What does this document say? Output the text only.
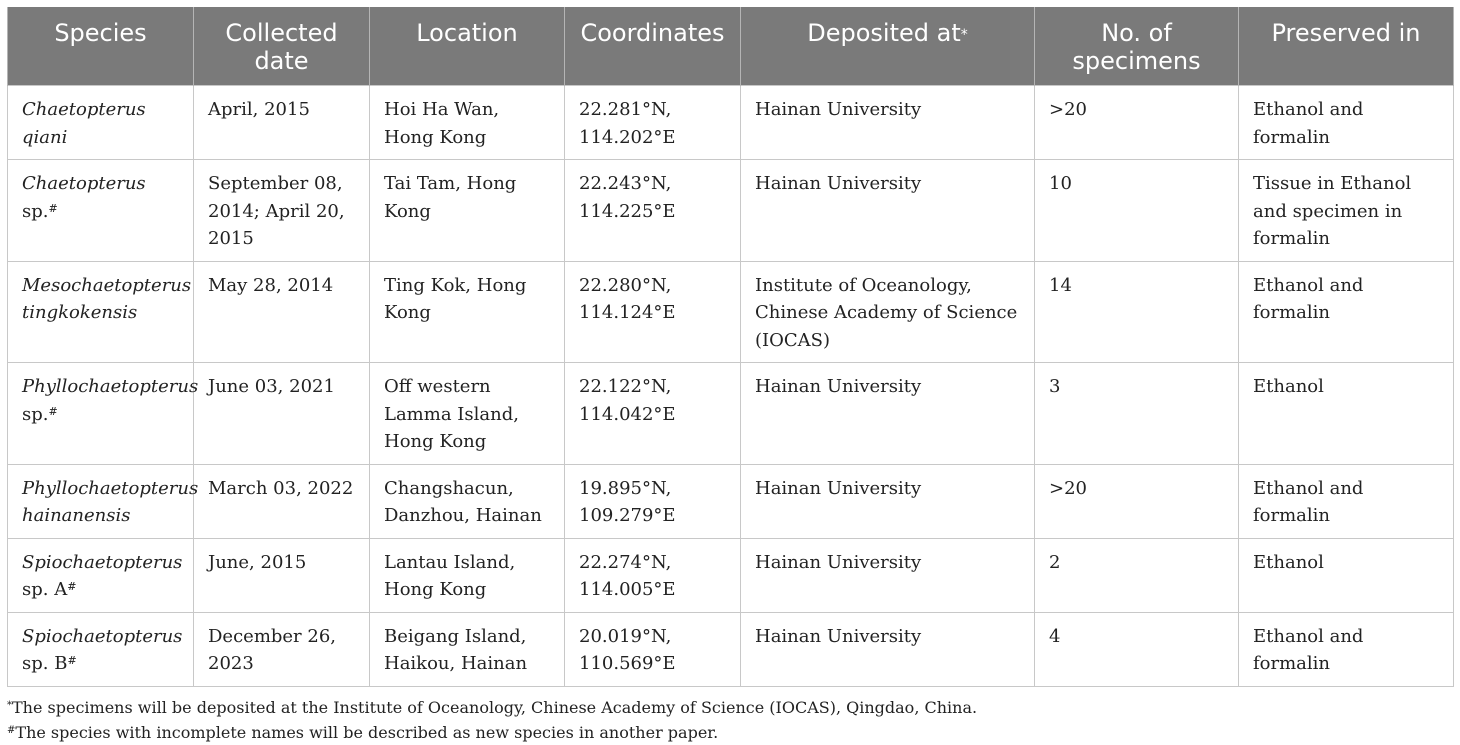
Species	Collected date	Location	Coordinates	Deposited at*	No. of specimens	Preserved in
Chaetopterus qiani	April, 2015	Hoi Ha Wan, Hong Kong	22.281°N, 114.202°E	Hainan University	>20	Ethanol and formalin
Chaetopterus sp.#	September 08, 2014; April 20, 2015	Tai Tam, Hong Kong	22.243°N, 114.225°E	Hainan University	10	Tissue in Ethanol and specimen in formalin
Mesochaetopterus tingkokensis	May 28, 2014	Ting Kok, Hong Kong	22.280°N, 114.124°E	Institute of Oceanology, Chinese Academy of Science (IOCAS)	14	Ethanol and formalin
Phyllochaetopterus sp.#	June 03, 2021	Off western Lamma Island, Hong Kong	22.122°N, 114.042°E	Hainan University	3	Ethanol
Phyllochaetopterus hainanensis	March 03, 2022	Changshacun, Danzhou, Hainan	19.895°N, 109.279°E	Hainan University	>20	Ethanol and formalin
Spiochaetopterus sp. A#	June, 2015	Lantau Island, Hong Kong	22.274°N, 114.005°E	Hainan University	2	Ethanol
Spiochaetopterus sp. B#	December 26, 2023	Beigang Island, Haikou, Hainan	20.019°N, 110.569°E	Hainan University	4	Ethanol and formalin
*The specimens will be deposited at the Institute of Oceanology, Chinese Academy of Science (IOCAS), Qingdao, China.
#The species with incomplete names will be described as new species in another paper.
